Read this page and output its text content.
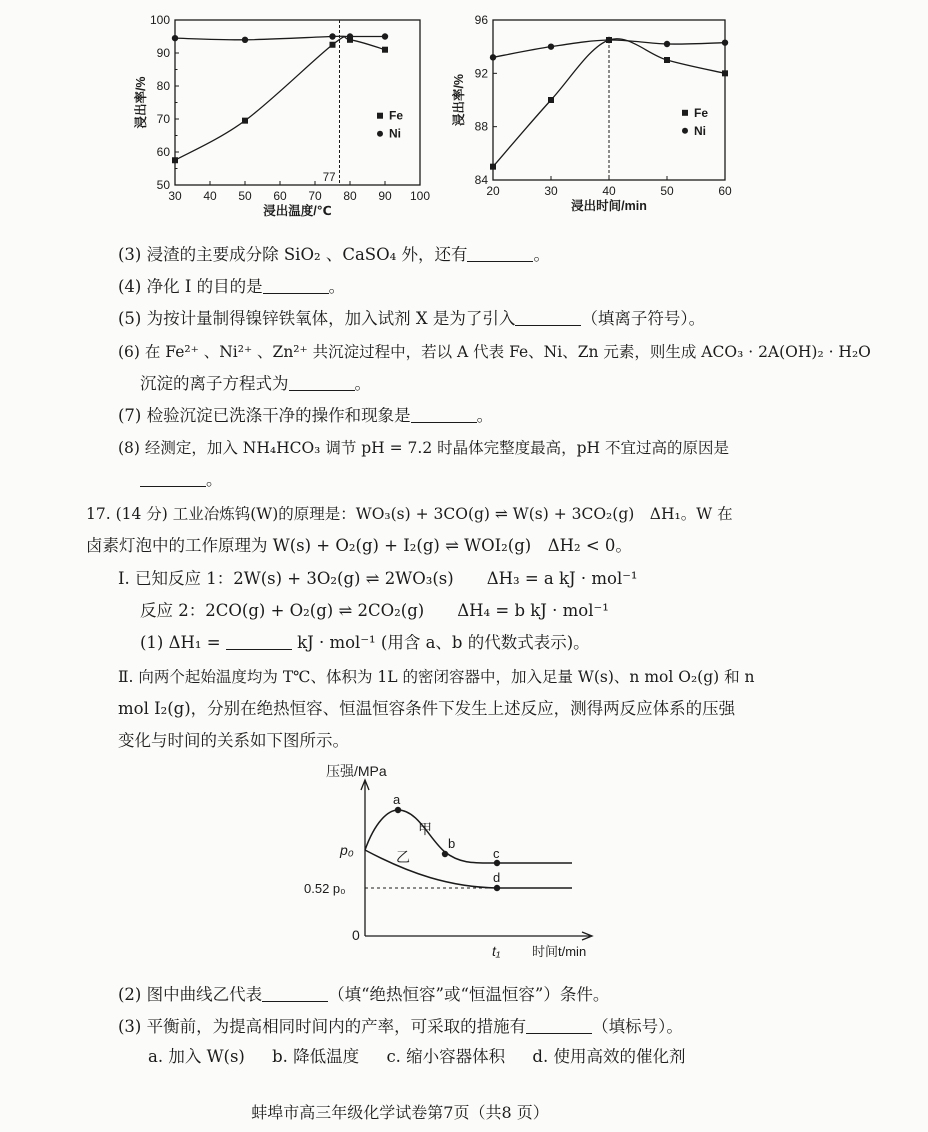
30 40 50 60 70 80 90 100
50
60
70
80
90
100
浸出温度/℃
浸出率/%
77
Fe
Ni
20	30	40	50	60
84
88
92
96
浸出时间/min
浸出率/%	Fe
Ni
(3) 浸渣的主要成分除 SiO₂ 、CaSO₄ 外，还有	。
(4) 净化 I 的目的是	。
(5) 为按计量制得镍锌铁氧体，加入试剂 X 是为了引入	（填离子符号）。
(6) 在 Fe²⁺ 、Ni²⁺ 、Zn²⁺ 共沉淀过程中，若以 A 代表 Fe、Ni、Zn 元素，则生成 ACO₃ · 2A(OH)₂ · H₂O
沉淀的离子方程式为	。
(7) 检验沉淀已洗涤干净的操作和现象是	。
(8) 经测定，加入 NH₄HCO₃ 调节 pH = 7.2 时晶体完整度最高，pH 不宜过高的原因是
。
17. (14 分) 工业冶炼钨(W)的原理是：WO₃(s) + 3CO(g) ⇌ W(s) + 3CO₂(g)　ΔH₁。W 在
卤素灯泡中的工作原理为 W(s) + O₂(g) + I₂(g) ⇌ WOI₂(g)　ΔH₂ < 0。
Ⅰ. 已知反应 1：2W(s) + 3O₂(g) ⇌ 2WO₃(s)　　ΔH₃ = a kJ · mol⁻¹
反应 2：2CO(g) + O₂(g) ⇌ 2CO₂(g)　　ΔH₄ = b kJ · mol⁻¹
(1) ΔH₁ =	kJ · mol⁻¹ (用含 a、b 的代数式表示)。
Ⅱ. 向两个起始温度均为 T℃、体积为 1L 的密闭容器中，加入足量 W(s)、n mol O₂(g) 和 n
mol I₂(g)，分别在绝热恒容、恒温恒容条件下发生上述反应，测得两反应体系的压强
变化与时间的关系如下图所示。
压强/MPa
时间t/min
p₀
0.52 p₀
0
t₁
a
b
c
d
甲
乙
(2) 图中曲线乙代表	（填“绝热恒容”或“恒温恒容”）条件。
(3) 平衡前，为提高相同时间内的产率，可采取的措施有	（填标号）。
a. 加入 W(s) b. 降低温度 c. 缩小容器体积 d. 使用高效的催化剂
蚌埠市高三年级化学试卷第7页（共8 页）
